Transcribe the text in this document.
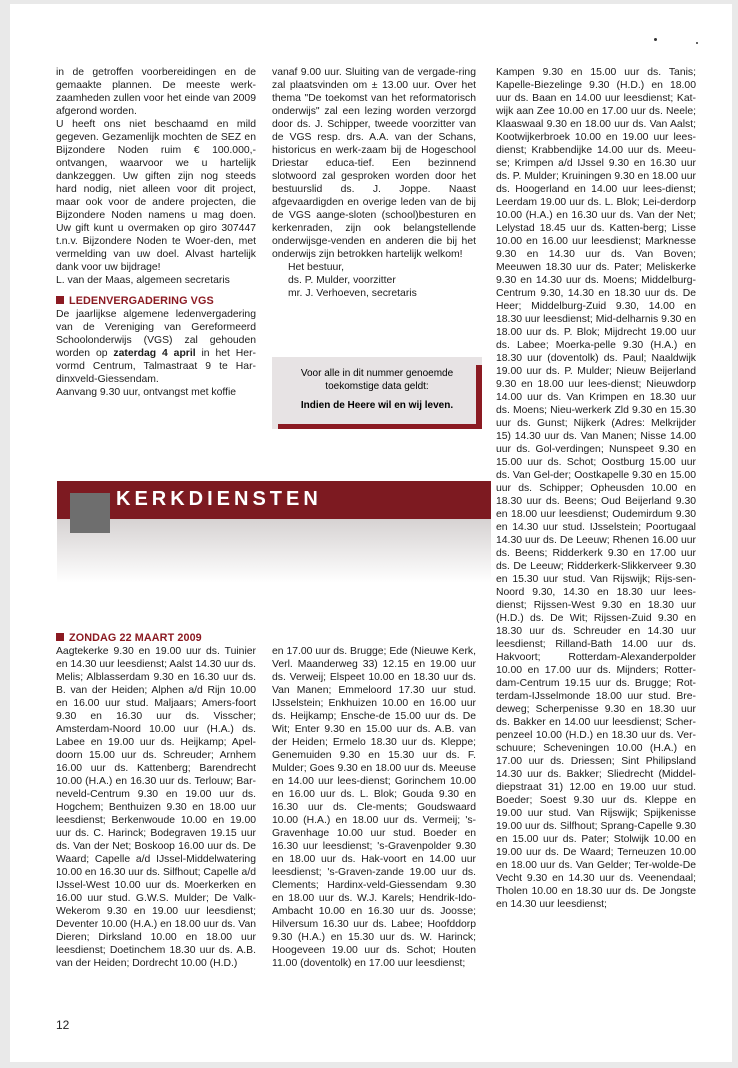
in de getroffen voorbereidingen en de gemaakte plannen. De meeste werk-zaamheden zullen voor het einde van 2009 afgerond worden.

U heeft ons niet beschaamd en mild gegeven. Gezamenlijk mochten de SEZ en Bijzondere Noden ruim € 100.000,- ontvangen, waarvoor we u hartelijk dankzeggen. Uw giften zijn nog steeds hard nodig, niet alleen voor dit project, maar ook voor de andere projecten, die Bijzondere Noden namens u mag doen. Uw gift kunt u overmaken op giro 307447 t.n.v. Bijzondere Noden te Woer-den, met vermelding van uw doel. Alvast hartelijk dank voor uw bijdrage!

L. van der Maas, algemeen secretaris

LEDENVERGADERING VGS

De jaarlijkse algemene ledenvergadering van de Vereniging van Gereformeerd Schoolonderwijs (VGS) zal gehouden worden op zaterdag 4 april in het Her-vormd Centrum, Talmastraat 9 te Har-dinxveld-Giessendam.

Aanvang 9.30 uur, ontvangst met koffie

vanaf 9.00 uur. Sluiting van de vergade-ring zal plaatsvinden om ± 13.00 uur. Over het thema "De toekomst van het reformatorisch onderwijs" zal een lezing worden verzorgd door ds. J. Schipper, tweede voorzitter van de VGS resp. drs. A.A. van der Schans, historicus en werk-zaam bij de Hogeschool Driestar educa-tief. Een bezinnend slotwoord zal gesproken worden door het bestuurslid ds. J. Joppe. Naast afgevaardigden en overige leden van de bij de VGS aange-sloten (school)besturen en kerkenraden, zijn ook belangstellende onderwijsge-venden en anderen die bij het onderwijs zijn betrokken hartelijk welkom!

Het bestuur,
ds. P. Mulder, voorzitter
mr. J. Verhoeven, secretaris
Voor alle in dit nummer genoemde
toekomstige data geldt:
Indien de Heere wil en wij leven.
KERKDIENSTEN
ZONDAG 22 MAART 2009

Aagtekerke 9.30 en 19.00 uur ds. Tuinier en 14.30 uur leesdienst; Aalst 14.30 uur ds. Melis; Alblasserdam 9.30 en 16.30 uur ds. B. van der Heiden; Alphen a/d Rijn 10.00 en 16.00 uur stud. Maljaars; Amers-foort 9.30 en 16.30 uur ds. Visscher; Amsterdam-Noord 10.00 uur (H.A.) ds. Labee en 19.00 uur ds. Heijkamp; Apel-doorn 15.00 uur ds. Schreuder; Arnhem 16.00 uur ds. Kattenberg; Barendrecht 10.00 (H.A.) en 16.30 uur ds. Terlouw; Bar-neveld-Centrum 9.30 en 19.00 uur ds. Hogchem; Benthuizen 9.30 en 18.00 uur leesdienst; Berkenwoude 10.00 en 19.00 uur ds. C. Harinck; Bodegraven 19.15 uur ds. Van der Net; Boskoop 16.00 uur ds. De Waard; Capelle a/d IJssel-Middelwatering 10.00 en 16.30 uur ds. Silfhout; Capelle a/d IJssel-West 10.00 uur ds. Moerkerken en 16.00 uur stud. G.W.S. Mulder; De Valk-Wekerom 9.30 en 19.00 uur leesdienst; Deventer 10.00 (H.A.) en 18.00 uur ds. Van Dieren; Dirksland 10.00 en 18.00 uur leesdienst; Doetinchem 18.30 uur ds. A.B. van der Heiden; Dordrecht 10.00 (H.D.)

en 17.00 uur ds. Brugge; Ede (Nieuwe Kerk, Verl. Maanderweg 33) 12.15 en 19.00 uur ds. Verweij; Elspeet 10.00 en 18.30 uur ds. Van Manen; Emmeloord 17.30 uur stud. IJsselstein; Enkhuizen 10.00 en 16.00 uur ds. Heijkamp; Ensche-de 15.00 uur ds. De Wit; Enter 9.30 en 15.00 uur ds. A.B. van der Heiden; Ermelo 18.30 uur ds. Kleppe; Genemuiden 9.30 en 15.30 uur ds. F. Mulder; Goes 9.30 en 18.00 uur ds. Meeuse en 14.00 uur lees-dienst; Gorinchem 10.00 en 16.00 uur ds. L. Blok; Gouda 9.30 en 16.30 uur ds. Cle-ments; Goudswaard 10.00 (H.A.) en 18.00 uur ds. Vermeij; 's-Gravenhage 10.00 uur stud. Boeder en 16.30 uur leesdienst; 's-Gravenpolder 9.30 en 18.00 uur ds. Hak-voort en 14.00 uur leesdienst; 's-Graven-zande 19.00 uur ds. Clements; Hardinx-veld-Giessendam 9.30 en 18.00 uur ds. W.J. Karels; Hendrik-Ido-Ambacht 10.00 en 16.30 uur ds. Joosse; Hilversum 16.30 uur ds. Labee; Hoofddorp 9.30 (H.A.) en 15.30 uur ds. W. Harinck; Hoogeveen 19.00 uur ds. Schot; Houten 11.00 (doventolk) en 17.00 uur leesdienst;

Kampen 9.30 en 15.00 uur ds. Tanis; Kapelle-Biezelinge 9.30 (H.D.) en 18.00 uur ds. Baan en 14.00 uur leesdienst; Kat-wijk aan Zee 10.00 en 17.00 uur ds. Neele; Klaaswaal 9.30 en 18.00 uur ds. Van Aalst; Kootwijkerbroek 10.00 en 19.00 uur lees-dienst; Krabbendijke 14.00 uur ds. Meeu-se; Krimpen a/d IJssel 9.30 en 16.30 uur ds. P. Mulder; Kruiningen 9.30 en 18.00 uur ds. Hoogerland en 14.00 uur lees-dienst; Leerdam 19.00 uur ds. L. Blok; Lei-derdorp 10.00 (H.A.) en 16.30 uur ds. Van der Net; Lelystad 18.45 uur ds. Katten-berg; Lisse 10.00 en 16.00 uur leesdienst; Marknesse 9.30 en 14.30 uur ds. Van Boven; Meeuwen 18.30 uur ds. Pater; Meliskerke 9.30 en 14.30 uur ds. Moens; Middelburg-Centrum 9.30, 14.30 en 18.30 uur ds. De Heer; Middelburg-Zuid 9.30, 14.00 en 18.30 uur leesdienst; Mid-delharnis 9.30 en 18.00 uur ds. P. Blok; Mijdrecht 19.00 uur ds. Labee; Moerka-pelle 9.30 (H.A.) en 18.30 uur (doventolk) ds. Paul; Naaldwijk 19.00 uur ds. P. Mulder; Nieuw Beijerland 9.30 en 18.00 uur lees-dienst; Nieuwdorp 14.00 uur ds. Van Krimpen en 18.30 uur ds. Moens; Nieu-werkerk Zld 9.30 en 15.30 uur ds. Gunst; Nijkerk (Adres: Melkrijder 15) 14.30 uur ds. Van Manen; Nisse 14.00 uur ds. Gol-verdingen; Nunspeet 9.30 en 15.00 uur ds. Schot; Oostburg 15.00 uur ds. Van Gel-der; Oostkapelle 9.30 en 15.00 uur ds. Schipper; Opheusden 10.00 en 18.30 uur ds. Beens; Oud Beijerland 9.30 en 18.00 uur leesdienst; Oudemirdum 9.30 en 14.30 uur stud. IJsselstein; Poortugaal 14.30 uur ds. De Leeuw; Rhenen 16.00 uur ds. Beens; Ridderkerk 9.30 en 17.00 uur ds. De Leeuw; Ridderkerk-Slikkerveer 9.30 en 15.30 uur stud. Van Rijswijk; Rijs-sen-Noord 9.30, 14.30 en 18.30 uur lees-dienst; Rijssen-West 9.30 en 18.30 uur (H.D.) ds. De Wit; Rijssen-Zuid 9.30 en 18.30 uur ds. Schreuder en 14.30 uur leesdienst; Rilland-Bath 14.00 uur ds. Hakvoort; Rotterdam-Alexanderpolder 10.00 en 17.00 uur ds. Mijnders; Rotter-dam-Centrum 19.15 uur ds. Brugge; Rot-terdam-IJsselmonde 18.00 uur stud. Bre-deweg; Scherpenisse 9.30 en 18.30 uur ds. Bakker en 14.00 uur leesdienst; Scher-penzeel 10.00 (H.D.) en 18.30 uur ds. Ver-schuure; Scheveningen 10.00 (H.A.) en 17.00 uur ds. Driessen; Sint Philipsland 14.30 uur ds. Bakker; Sliedrecht (Middel-diepstraat 31) 12.00 en 19.00 uur stud. Boeder; Soest 9.30 uur ds. Kleppe en 19.00 uur stud. Van Rijswijk; Spijkenisse 19.00 uur ds. Silfhout; Sprang-Capelle 9.30 en 15.00 uur ds. Pater; Stolwijk 10.00 en 19.00 uur ds. De Waard; Terneuzen 10.00 en 18.00 uur ds. Van Gelder; Ter-wolde-De Vecht 9.30 en 14.30 uur ds. Veenendaal; Tholen 10.00 en 18.30 uur ds. De Jongste en 14.30 uur leesdienst;

12
